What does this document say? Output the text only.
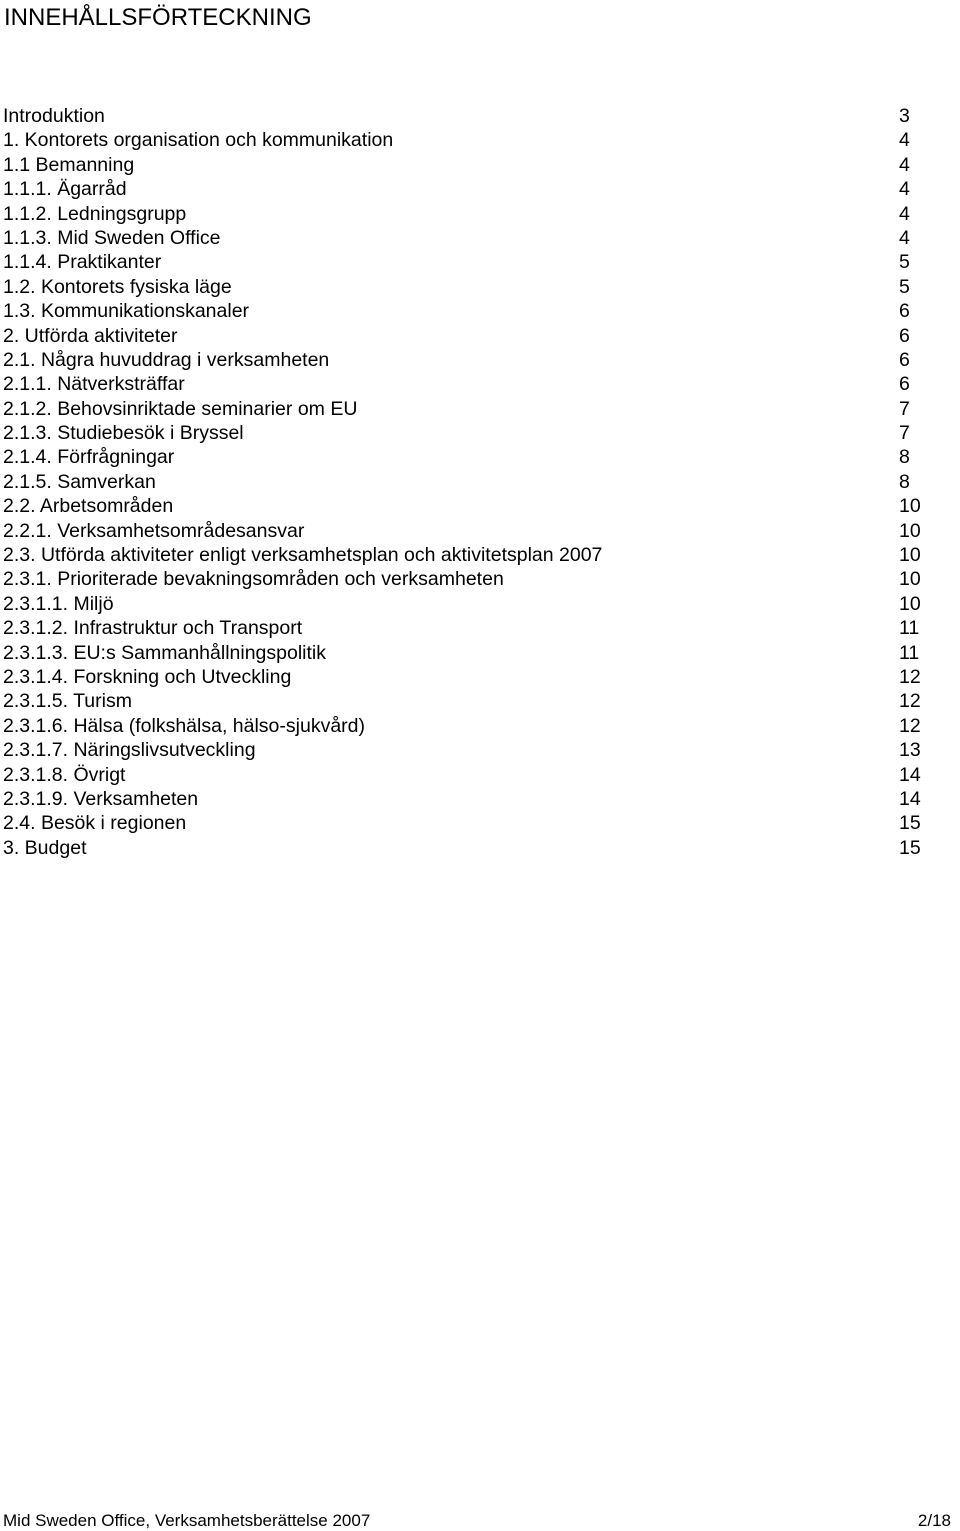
INNEHÅLLSFÖRTECKNING
Introduktion	3
1. Kontorets organisation och kommunikation	4
1.1 Bemanning	4
1.1.1. Ägarråd	4
1.1.2. Ledningsgrupp	4
1.1.3. Mid Sweden Office	4
1.1.4. Praktikanter	5
1.2. Kontorets fysiska läge	5
1.3. Kommunikationskanaler	6
2. Utförda aktiviteter	6
2.1. Några huvuddrag i verksamheten	6
2.1.1. Nätverksträffar	6
2.1.2. Behovsinriktade seminarier om EU	7
2.1.3. Studiebesök i Bryssel	7
2.1.4. Förfrågningar	8
2.1.5. Samverkan	8
2.2. Arbetsområden	10
2.2.1. Verksamhetsområdesansvar	10
2.3. Utförda aktiviteter enligt verksamhetsplan och aktivitetsplan 2007	10
2.3.1. Prioriterade bevakningsområden och verksamheten	10
2.3.1.1. Miljö	10
2.3.1.2. Infrastruktur och Transport	11
2.3.1.3. EU:s Sammanhållningspolitik	11
2.3.1.4. Forskning och Utveckling	12
2.3.1.5. Turism	12
2.3.1.6. Hälsa (folkshälsa, hälso-sjukvård)	12
2.3.1.7. Näringslivsutveckling	13
2.3.1.8. Övrigt	14
2.3.1.9. Verksamheten	14
2.4. Besök i regionen	15
3. Budget	15
Mid Sweden Office, Verksamhetsberättelse 2007	2/18
